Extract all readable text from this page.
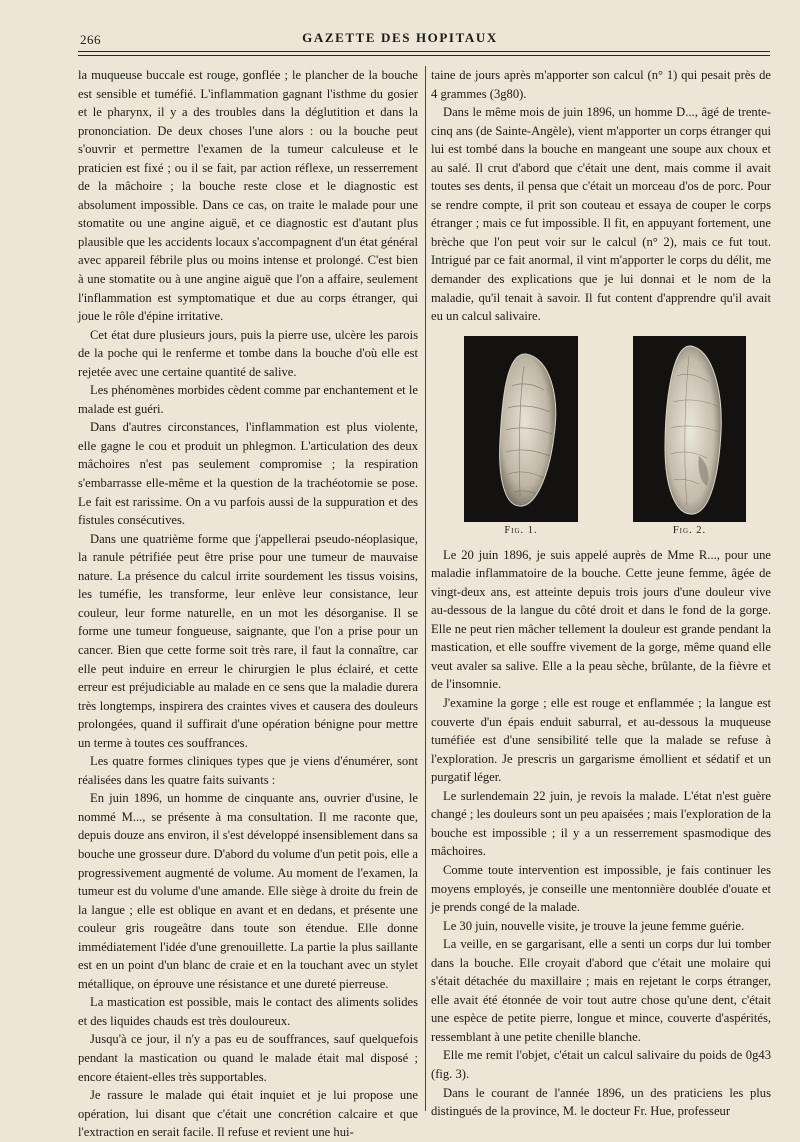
266	GAZETTE DES HOPITAUX

la muqueuse buccale est rouge, gonflée ; le plancher de la bouche est sensible et tuméfié. L'inflammation gagnant l'isthme du gosier et le pharynx, il y a des troubles dans la déglutition et dans la prononciation. De deux choses l'une alors : ou la bouche peut s'ouvrir et permettre l'examen de la tumeur calculeuse et le praticien est fixé ; ou il se fait, par action réflexe, un resserrement de la mâchoire ; la bouche reste close et le diagnostic est absolument impossible. Dans ce cas, on traite le malade pour une stomatite ou une angine aiguë, et ce diagnostic est d'autant plus plausible que les accidents locaux s'accompagnent d'un état général avec appareil fébrile plus ou moins intense et prolongé. C'est bien à une stomatite ou à une angine aiguë que l'on a affaire, seulement l'inflammation est symptomatique et due au corps étranger, qui joue le rôle d'épine irritative.

Cet état dure plusieurs jours, puis la pierre use, ulcère les parois de la poche qui le renferme et tombe dans la bouche d'où elle est rejetée avec une certaine quantité de salive.

Les phénomènes morbides cèdent comme par enchantement et le malade est guéri.

Dans d'autres circonstances, l'inflammation est plus violente, elle gagne le cou et produit un phlegmon. L'articulation des deux mâchoires n'est pas seulement compromise ; la respiration s'embarrasse elle-même et la question de la trachéotomie se pose. Le fait est rarissime. On a vu parfois aussi de la suppuration et des fistules consécutives.

Dans une quatrième forme que j'appellerai pseudo-néoplasique, la ranule pétrifiée peut être prise pour une tumeur de mauvaise nature. La présence du calcul irrite sourdement les tissus voisins, les tuméfie, les transforme, leur enlève leur consistance, leur couleur, leur forme naturelle, en un mot les désorganise. Il se forme une tumeur fongueuse, saignante, que l'on a prise pour un cancer. Bien que cette forme soit très rare, il faut la connaître, car elle peut induire en erreur le chirurgien le plus éclairé, et cette erreur est préjudiciable au malade en ce sens que la maladie durera très longtemps, inspirera des craintes vives et causera des douleurs prolongées, quand il suffirait d'une opération bénigne pour mettre un terme à toutes ces souffrances.

Les quatre formes cliniques types que je viens d'énumérer, sont réalisées dans les quatre faits suivants :

En juin 1896, un homme de cinquante ans, ouvrier d'usine, le nommé M..., se présente à ma consultation. Il me raconte que, depuis douze ans environ, il s'est développé insensiblement dans sa bouche une grosseur dure. D'abord du volume d'un petit pois, elle a progressivement augmenté de volume. Au moment de l'examen, la tumeur est du volume d'une amande. Elle siège à droite du frein de la langue ; elle est oblique en avant et en dedans, et présente une couleur gris rougeâtre dans toute son étendue. Elle donne immédiatement l'idée d'une grenouillette. La partie la plus saillante est en un point d'un blanc de craie et en la touchant avec un stylet métallique, on éprouve une résistance et une dureté pierreuse.

La mastication est possible, mais le contact des aliments solides et des liquides chauds est très douloureux.

Jusqu'à ce jour, il n'y a pas eu de souffrances, sauf quelquefois pendant la mastication ou quand le malade était mal disposé ; encore étaient-elles très supportables.

Je rassure le malade qui était inquiet et je lui propose une opération, lui disant que c'était une concrétion calcaire et que l'extraction en serait facile. Il refuse et revient une hui-

taine de jours après m'apporter son calcul (n° 1) qui pesait près de 4 grammes (3g80).

Dans le même mois de juin 1896, un homme D..., âgé de trente-cinq ans (de Sainte-Angèle), vient m'apporter un corps étranger qui lui est tombé dans la bouche en mangeant une soupe aux choux et au salé. Il crut d'abord que c'était une dent, mais comme il avait toutes ses dents, il pensa que c'était un morceau d'os de porc. Pour se rendre compte, il prit son couteau et essaya de couper le corps étranger ; mais ce fut impossible. Il fit, en appuyant fortement, une brèche que l'on peut voir sur le calcul (n° 2), mais ce fut tout. Intrigué par ce fait anormal, il vint m'apporter le corps du délit, me demander des explications que je lui donnai et le nom de la maladie, qu'il tenait à savoir. Il fut content d'apprendre qu'il avait eu un calcul salivaire.

Fig. 1.	Fig. 2.

Le 20 juin 1896, je suis appelé auprès de Mme R..., pour une maladie inflammatoire de la bouche. Cette jeune femme, âgée de vingt-deux ans, est atteinte depuis trois jours d'une douleur vive au-dessous de la langue du côté droit et dans le fond de la gorge. Elle ne peut rien mâcher tellement la douleur est grande pendant la mastication, et elle souffre vivement de la gorge, même quand elle veut avaler sa salive. Elle a la peau sèche, brûlante, de la fièvre et de l'insomnie.

J'examine la gorge ; elle est rouge et enflammée ; la langue est couverte d'un épais enduit saburral, et au-dessous la muqueuse tuméfiée est d'une sensibilité telle que la malade se refuse à l'exploration. Je prescris un gargarisme émollient et sédatif et un purgatif léger.

Le surlendemain 22 juin, je revois la malade. L'état n'est guère changé ; les douleurs sont un peu apaisées ; mais l'exploration de la bouche est impossible ; il y a un resserrement spasmodique des mâchoires.

Comme toute intervention est impossible, je fais continuer les moyens employés, je conseille une mentonnière doublée d'ouate et je prends congé de la malade.

Le 30 juin, nouvelle visite, je trouve la jeune femme guérie.

La veille, en se gargarisant, elle a senti un corps dur lui tomber dans la bouche. Elle croyait d'abord que c'était une molaire qui s'était détachée du maxillaire ; mais en rejetant le corps étranger, elle avait été étonnée de voir tout autre chose qu'une dent, c'était une espèce de petite pierre, longue et mince, couverte d'aspérités, ressemblant à une petite chenille blanche.

Elle me remit l'objet, c'était un calcul salivaire du poids de 0g43 (fig. 3).

Dans le courant de l'année 1896, un des praticiens les plus distingués de la province, M. le docteur Fr. Hue, professeur
